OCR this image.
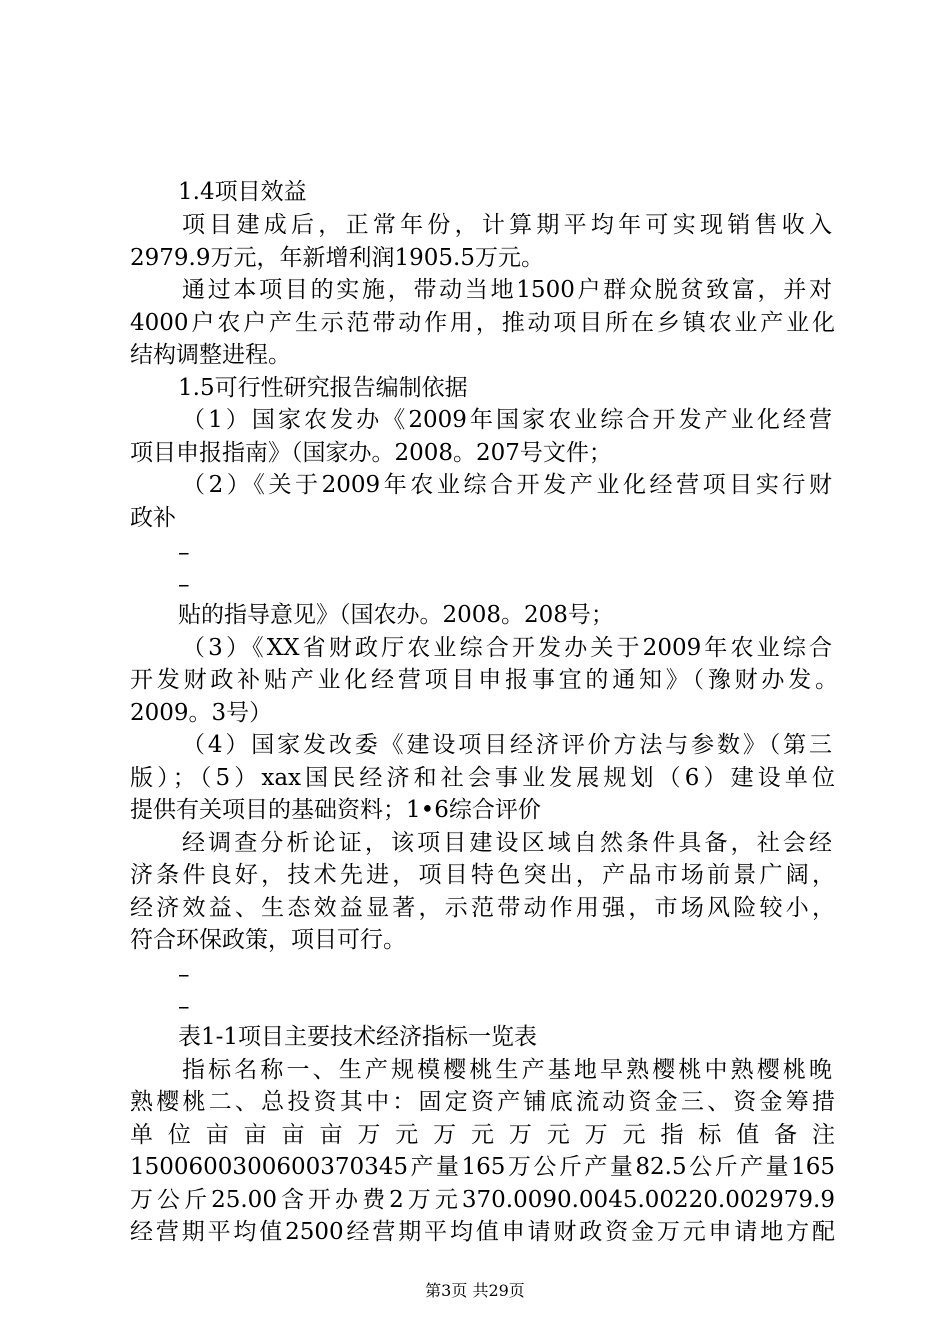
1.4项目效益
项目建成后，正常年份，计算期平均年可实现销售收入
2979.9万元，年新增利润1905.5万元。
通过本项目的实施，带动当地1500户群众脱贫致富，并对
4000户农户产生示范带动作用，推动项目所在乡镇农业产业化
结构调整进程。
1.5可行性研究报告编制依据
（1）国家农发办《2009年国家农业综合开发产业化经营
项目申报指南》（国家办。2008。207号文件；
（2）《关于2009年农业综合开发产业化经营项目实行财
政补
–
–
贴的指导意见》（国农办。2008。208号；
（3）《XX省财政厅农业综合开发办关于2009年农业综合
开发财政补贴产业化经营项目申报事宜的通知》（豫财办发。
2009。3号）
（4）国家发改委《建设项目经济评价方法与参数》（第三
版）；（5）xax国民经济和社会事业发展规划（6）建设单位
提供有关项目的基础资料；1•6综合评价
经调查分析论证，该项目建设区域自然条件具备，社会经
济条件良好，技术先进，项目特色突出，产品市场前景广阔，
经济效益、生态效益显著，示范带动作用强，市场风险较小，
符合环保政策，项目可行。
–
–
表1-1项目主要技术经济指标一览表
指标名称一、生产规模樱桃生产基地早熟樱桃中熟樱桃晚
熟樱桃二、总投资其中：固定资产铺底流动资金三、资金筹措
单位亩亩亩亩万元万元万元万元指标值备注
1500600300600370345产量165万公斤产量82.5公斤产量165
万公斤25.00含开办费2万元370.0090.0045.00220.002979.9
经营期平均值2500经营期平均值申请财政资金万元申请地方配
第3页 共29页
